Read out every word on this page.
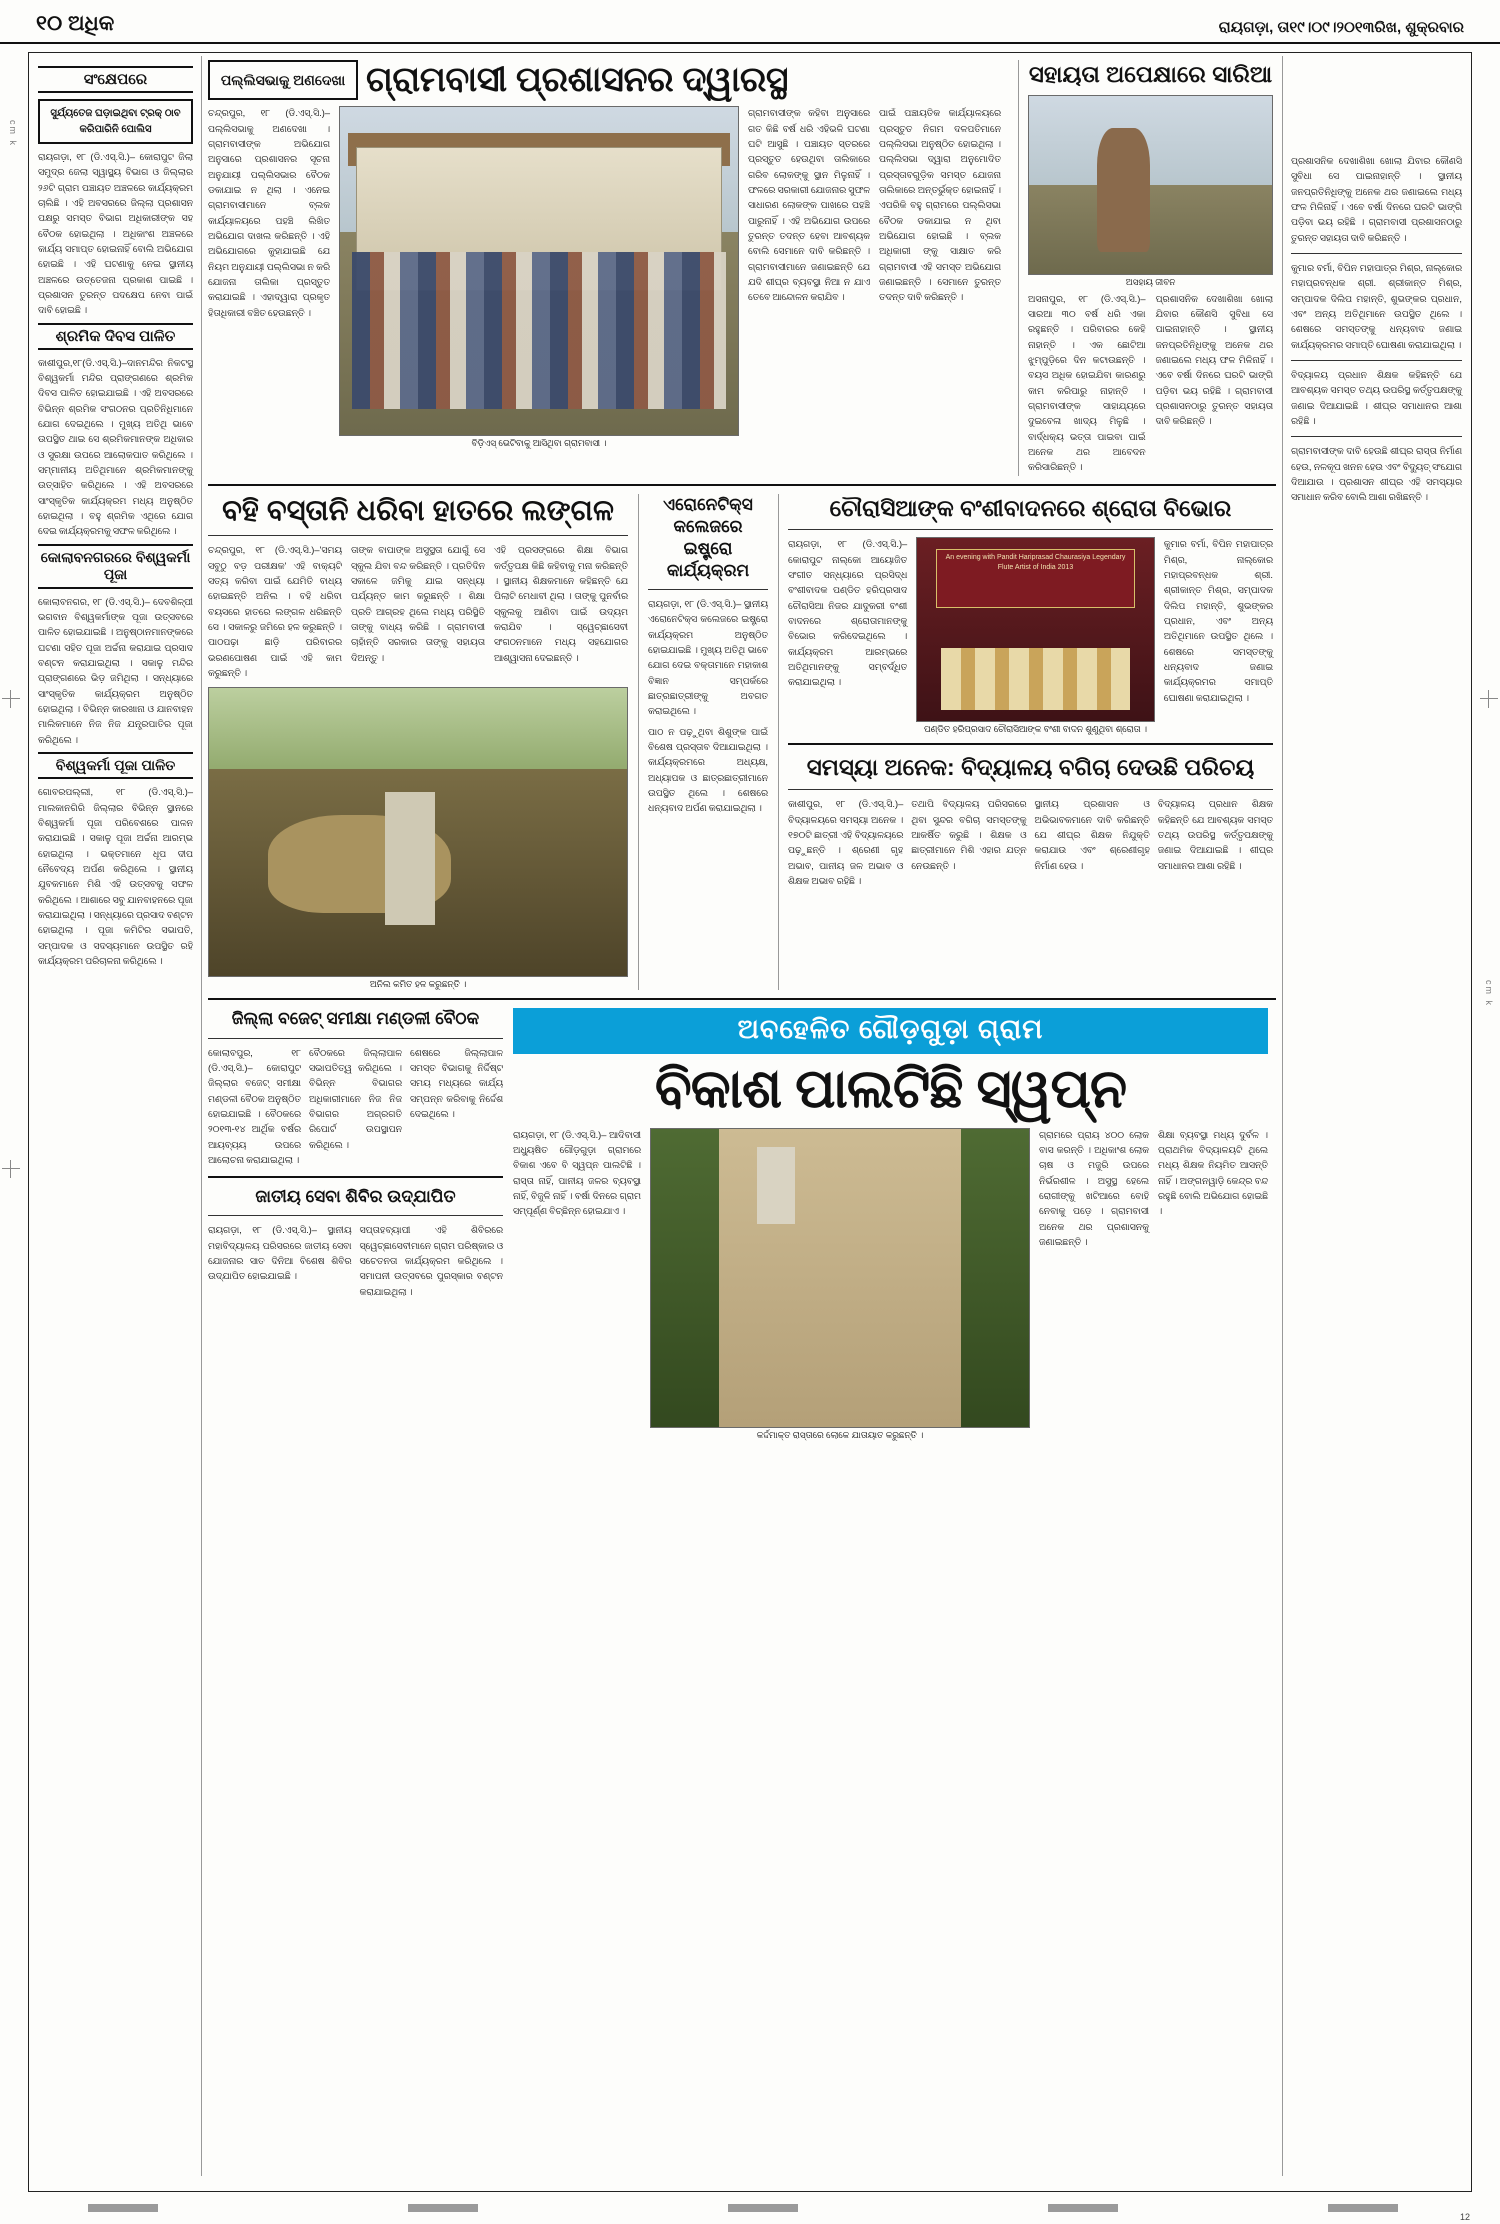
୧୦ ଅଧିକ	ରାୟଗଡ଼ା, ତା୧୯।୦୯।୨୦୧୩ରିଖ, ଶୁକ୍ରବାର
cm k
cm k
ସଂକ୍ଷେପରେ
ସୁର୍ଯ୍ୟତେଜ ଘଡ଼ାଇଥିବା ଟ୍ରକ୍ ଠାବ କରିପାରିନି ପୋଲିସ
ରାୟଗଡ଼ା, ୧୮ (ଡି.ଏସ୍.ସି.)– କୋରାପୁଟ ଜିଲା ସମୁଦ୍ର ଜେଲା ସ୍ୱାସ୍ଥ୍ୟ ବିଭାଗ ଓ ଜିଲ୍ଲାର ୨୬ଟି ଗ୍ରାମ ପଞ୍ଚାୟତ ଅଞ୍ଚଳରେ କାର୍ଯ୍ୟକ୍ରମ ଚାଲିଛି । ଏହି ଅବସରରେ ଜିଲ୍ଲା ପ୍ରଶାସନ ପକ୍ଷରୁ ସମସ୍ତ ବିଭାଗ ଅଧିକାରୀଙ୍କ ସହ ବୈଠକ ହୋଇଥିଲା । ଅଧିକାଂଶ ଅଞ୍ଚଳରେ କାର୍ଯ୍ୟ ସମାପ୍ତ ହୋଇନାହିଁ ବୋଲି ଅଭିଯୋଗ ହୋଇଛି । ଏହି ଘଟଣାକୁ ନେଇ ସ୍ଥାନୀୟ ଅଞ୍ଚଳରେ ଉତ୍ତେଜନା ପ୍ରକାଶ ପାଇଛି । ପ୍ରଶାସନ ତୁରନ୍ତ ପଦକ୍ଷେପ ନେବା ପାଇଁ ଦାବି ହୋଇଛି ।
ଶ୍ରମିକ ଦିବସ ପାଳିତ
କାଶୀପୁର,୧୮(ଡି.ଏସ୍.ସି.)–ଦାନମନ୍ଦିର ନିକଟସ୍ଥ ବିଶ୍ୱକର୍ମା ମନ୍ଦିର ପ୍ରାଙ୍ଗଣରେ ଶ୍ରମିକ ଦିବସ ପାଳିତ ହୋଇଯାଇଛି । ଏହି ଅବସରରେ ବିଭିନ୍ନ ଶ୍ରମିକ ସଂଗଠନର ପ୍ରତିନିଧିମାନେ ଯୋଗ ଦେଇଥିଲେ । ମୁଖ୍ୟ ଅତିଥି ଭାବେ ଉପସ୍ଥିତ ଥାଇ ସେ ଶ୍ରମିକମାନଙ୍କ ଅଧିକାର ଓ ସୁରକ୍ଷା ଉପରେ ଆଲୋକପାତ କରିଥିଲେ । ସମ୍ମାନୀୟ ଅତିଥିମାନେ ଶ୍ରମିକମାନଙ୍କୁ ଉତ୍ସାହିତ କରିଥିଲେ । ଏହି ଅବସରରେ ସାଂସ୍କୃତିକ କାର୍ଯ୍ୟକ୍ରମ ମଧ୍ୟ ଅନୁଷ୍ଠିତ ହୋଇଥିଲା । ବହୁ ଶ୍ରମିକ ଏଥିରେ ଯୋଗ ଦେଇ କାର୍ଯ୍ୟକ୍ରମକୁ ସଫଳ କରିଥିଲେ ।
କୋଲାବନଗରରେ ବିଶ୍ୱକର୍ମା ପୂଜା
କୋଲାବନଗର, ୧୮ (ଡି.ଏସ୍.ସି.)– ଦେବଶିଳ୍ପୀ ଭଗବାନ ବିଶ୍ୱକର୍ମାଙ୍କ ପୂଜା ଉତ୍ସବରେ ପାଳିତ ହୋଇଯାଇଛି । ଅନୁଷ୍ଠାନମାନଙ୍କରେ ଘଟଣା ସହିତ ପୂଜା ଅର୍ଚ୍ଚନା କରାଯାଇ ପ୍ରସାଦ ବଣ୍ଟନ କରାଯାଇଥିଲା । ସକାଳୁ ମନ୍ଦିର ପ୍ରାଙ୍ଗଣରେ ଭିଡ଼ ଜମିଥିଲା । ସନ୍ଧ୍ୟାରେ ସାଂସ୍କୃତିକ କାର୍ଯ୍ୟକ୍ରମ ଅନୁଷ୍ଠିତ ହୋଇଥିଲା । ବିଭିନ୍ନ କାରଖାନା ଓ ଯାନବାହନ ମାଲିକମାନେ ନିଜ ନିଜ ଯନ୍ତ୍ରପାତିର ପୂଜା କରିଥିଲେ ।
ବିଶ୍ୱକର୍ମା ପୂଜା ପାଳିତ
ଗୋବରପଲ୍ଲୀ, ୧୮ (ଡି.ଏସ୍.ସି.)– ମାଲକାନଗିରି ଜିଲ୍ଲାର ବିଭିନ୍ନ ସ୍ଥାନରେ ବିଶ୍ୱକର୍ମା ପୂଜା ପରିବେଶରେ ପାଳନ କରାଯାଇଛି । ସକାଳୁ ପୂଜା ଅର୍ଚ୍ଚନା ଆରମ୍ଭ ହୋଇଥିଲା । ଭକ୍ତମାନେ ଧୂପ ଦୀପ ନୈବେଦ୍ୟ ଅର୍ପଣ କରିଥିଲେ । ସ୍ଥାନୀୟ ଯୁବକମାନେ ମିଶି ଏହି ଉତ୍ସବକୁ ସଫଳ କରିଥିଲେ । ଆଶାରେ ସବୁ ଯାନବାହନରେ ପୂଜା କରାଯାଇଥିଲା । ସନ୍ଧ୍ୟାରେ ପ୍ରସାଦ ବଣ୍ଟନ ହୋଇଥିଲା । ପୂଜା କମିଟିର ସଭାପତି, ସମ୍ପାଦକ ଓ ସଦସ୍ୟମାନେ ଉପସ୍ଥିତ ରହି କାର୍ଯ୍ୟକ୍ରମ ପରିଚାଳନା କରିଥିଲେ ।
ପଲ୍ଲିସଭାକୁ ଅଣଦେଖା ଗ୍ରାମବାସୀ ପ୍ରଶାସନର ଦ୍ୱାରସ୍ଥ
ଚନ୍ଦ୍ରପୁର, ୧୮ (ଡି.ଏସ୍.ସି.)–ପଲ୍ଲିସଭାକୁ ଅଣଦେଖା । ଗ୍ରାମବାସୀଙ୍କ ଅଭିଯୋଗ ଅନୁସାରେ ପ୍ରଶାସନର ସୂଚନା ଅନୁଯାୟୀ ପଲ୍ଲିସଭାର ବୈଠକ ଡକାଯାଇ ନ ଥିଲା । ଏନେଇ ଗ୍ରାମବାସୀମାନେ ବ୍ଲକ କାର୍ଯ୍ୟାଳୟରେ ପହଞ୍ଚି ଲିଖିତ ଅଭିଯୋଗ ଦାଖଲ କରିଛନ୍ତି । ଏହି ଅଭିଯୋଗରେ କୁହାଯାଇଛି ଯେ ନିୟମ ଅନୁଯାୟୀ ପଲ୍ଲିସଭା ନ କରି ଯୋଜନା ତାଲିକା ପ୍ରସ୍ତୁତ କରାଯାଇଛି । ଏହାଦ୍ୱାରା ପ୍ରକୃତ ହିତାଧିକାରୀ ବଞ୍ଚିତ ହେଉଛନ୍ତି ।
ବିଡ଼ିଏସ୍ ଭେଟିବାକୁ ଆସିଥିବା ଗ୍ରାମବାସୀ ।
ଗ୍ରାମବାସୀଙ୍କ କହିବା ଅନୁସାରେ ଗତ କିଛି ବର୍ଷ ଧରି ଏହିଭଳି ଘଟଣା ଘଟି ଆସୁଛି । ପଞ୍ଚାୟତ ସ୍ତରରେ ପ୍ରସ୍ତୁତ ହେଉଥିବା ତାଲିକାରେ ଗରିବ ଲୋକଙ୍କୁ ସ୍ଥାନ ମିଳୁନାହିଁ । ଫଳରେ ସରକାରୀ ଯୋଜନାର ସୁଫଳ ସାଧାରଣ ଲୋକଙ୍କ ପାଖରେ ପହଞ୍ଚି ପାରୁନାହିଁ । ଏହି ଅଭିଯୋଗ ଉପରେ ତୁରନ୍ତ ତଦନ୍ତ ହେବା ଆବଶ୍ୟକ ବୋଲି ସେମାନେ ଦାବି କରିଛନ୍ତି । ଗ୍ରାମବାସୀମାନେ ଜଣାଇଛନ୍ତି ଯେ ଯଦି ଶୀଘ୍ର ବ୍ୟବସ୍ଥା ନିଆ ନ ଯାଏ ତେବେ ଆନ୍ଦୋଳନ କରାଯିବ ।
ପାଇଁ ପଞ୍ଚାୟତିକ କାର୍ଯ୍ୟାଳୟରେ ପ୍ରସ୍ତୁତ ନିଗମ ଦଳପତିମାନେ ପଲ୍ଲିସଭା ଅନୁଷ୍ଠିତ ହୋଇଥିଲା । ପଲ୍ଲିସଭା ଦ୍ୱାରା ଅନୁମୋଦିତ ପ୍ରସ୍ତାବଗୁଡ଼ିକ ସମସ୍ତ ଯୋଜନା ତାଲିକାରେ ଅନ୍ତର୍ଭୁକ୍ତ ହୋଇନାହିଁ । ଏପରିକି ବହୁ ଗ୍ରାମରେ ପଲ୍ଲିସଭା ବୈଠକ ଡକାଯାଇ ନ ଥିବା ଅଭିଯୋଗ ହୋଇଛି । ବ୍ଲକ ଅଧିକାରୀ ଙ୍କୁ ସାକ୍ଷାତ କରି ଗ୍ରାମବାସୀ ଏହି ସମସ୍ତ ଅଭିଯୋଗ ଜଣାଇଛନ୍ତି । ସେମାନେ ତୁରନ୍ତ ତଦନ୍ତ ଦାବି କରିଛନ୍ତି ।
ସହାୟତା ଅପେକ୍ଷାରେ ସାରିଆ
ଅସହାୟ ଜୀବନ
ଅସନାପୁର, ୧୮ (ଡି.ଏସ୍.ସି.)–ସାରଆ ୩୦ ବର୍ଷ ଧରି ଏକା ରହୁଛନ୍ତି । ପରିବାରର କେହି ନାହାନ୍ତି । ଏକ ଛୋଟିଆ ଝୁମ୍ପୁଡ଼ିରେ ଦିନ କଟାଉଛନ୍ତି । ବୟସ ଅଧିକ ହୋଇଯିବା କାରଣରୁ କାମ କରିପାରୁ ନାହାନ୍ତି । ଗ୍ରାମବାସୀଙ୍କ ସାହାଯ୍ୟରେ ଦୁଇବେଳା ଖାଦ୍ୟ ମିଳୁଛି । ବାର୍ଦ୍ଧକ୍ୟ ଭତ୍ତା ପାଇବା ପାଇଁ ଅନେକ ଥର ଆବେଦନ କରିସାରିଛନ୍ତି ।
ପ୍ରଶାସନିକ ଦେଖାଶିଖା ଖୋଲା ଯିବାର କୌଣସି ସୁବିଧା ସେ ପାଇନାହାନ୍ତି । ସ୍ଥାନୀୟ ଜନପ୍ରତିନିଧିଙ୍କୁ ଅନେକ ଥର ଜଣାଇଲେ ମଧ୍ୟ ଫଳ ମିଳିନାହିଁ । ଏବେ ବର୍ଷା ଦିନରେ ଘରଟି ଭାଙ୍ଗି ପଡ଼ିବା ଭୟ ରହିଛି । ଗ୍ରାମବାସୀ ପ୍ରଶାସନଠାରୁ ତୁରନ୍ତ ସହାୟତା ଦାବି କରିଛନ୍ତି ।
ବହି ବସ୍ତାନି ଧରିବା ହାତରେ ଲଙ୍ଗଳ
ଚନ୍ଦ୍ରପୁର, ୧୮ (ଡି.ଏସ୍.ସି.)–'ସମୟ ସବୁଠୁ ବଡ଼ ପରୀକ୍ଷକ' ଏହି ବାକ୍ୟଟି ସତ୍ୟ କରିବା ପାଇଁ ଯେମିତି ବାଧ୍ୟ ହୋଇଛନ୍ତି ଅନିଲ । ବହି ଧରିବା ବୟସରେ ହାତରେ ଲଙ୍ଗଳ ଧରିଛନ୍ତି ସେ । ସକାଳରୁ ଜମିରେ ହଳ କରୁଛନ୍ତି । ପାଠପଢ଼ା ଛାଡ଼ି ପରିବାରର ଭରଣପୋଷଣ ପାଇଁ ଏହି କାମ କରୁଛନ୍ତି ।
ତାଙ୍କ ବାପାଙ୍କ ଅସୁସ୍ଥତା ଯୋଗୁଁ ସେ ସ୍କୁଲ ଯିବା ବନ୍ଦ କରିଛନ୍ତି । ପ୍ରତିଦିନ ସକାଳେ ଜମିକୁ ଯାଇ ସନ୍ଧ୍ୟା ପର୍ଯ୍ୟନ୍ତ କାମ କରୁଛନ୍ତି । ଶିକ୍ଷା ପ୍ରତି ଆଗ୍ରହ ଥିଲେ ମଧ୍ୟ ପରିସ୍ଥିତି ତାଙ୍କୁ ବାଧ୍ୟ କରିଛି । ଗ୍ରାମବାସୀ ଚାହାଁନ୍ତି ସରକାର ତାଙ୍କୁ ସହାୟତା ଦିଅନ୍ତୁ ।
ଏହି ପ୍ରସଙ୍ଗରେ ଶିକ୍ଷା ବିଭାଗ କର୍ତ୍ତୃପକ୍ଷ କିଛି କହିବାକୁ ମନା କରିଛନ୍ତି । ସ୍ଥାନୀୟ ଶିକ୍ଷକମାନେ କହିଛନ୍ତି ଯେ ପିଲାଟି ମେଧାବୀ ଥିଲା । ତାଙ୍କୁ ପୁନର୍ବାର ସ୍କୁଲକୁ ଆଣିବା ପାଇଁ ଉଦ୍ୟମ କରାଯିବ । ସ୍ୱେଚ୍ଛାସେବୀ ସଂଗଠନମାନେ ମଧ୍ୟ ସହଯୋଗର ଆଶ୍ୱାସନା ଦେଇଛନ୍ତି ।
ଅନିଲ କମିତ ହଳ କରୁଛନ୍ତି ।
ଏରୋନେଟିକ୍ସ କଲେଜରେ ଇଷ୍ଟ୍ରୋ କାର୍ଯ୍ୟକ୍ରମ
ରାୟଗଡ଼ା, ୧୮ (ଡି.ଏସ୍.ସି.)– ସ୍ଥାନୀୟ ଏରୋନେଟିକ୍ସ କଲେଜରେ ଇଷ୍ଟ୍ରୋ କାର୍ଯ୍ୟକ୍ରମ ଅନୁଷ୍ଠିତ ହୋଇଯାଇଛି । ମୁଖ୍ୟ ଅତିଥି ଭାବେ ଯୋଗ ଦେଇ ବକ୍ତାମାନେ ମହାକାଶ ବିଜ୍ଞାନ ସମ୍ପର୍କରେ ଛାତ୍ରଛାତ୍ରୀଙ୍କୁ ଅବଗତ କରାଇଥିଲେ ।
ପାଠ ନ ପଢ଼ୁଥିବା ଶିଶୁଙ୍କ ପାଇଁ ବିଶେଷ ପ୍ରସ୍ତାବ ଦିଆଯାଇଥିଲା । କାର୍ଯ୍ୟକ୍ରମରେ ଅଧ୍ୟକ୍ଷ, ଅଧ୍ୟାପକ ଓ ଛାତ୍ରଛାତ୍ରୀମାନେ ଉପସ୍ଥିତ ଥିଲେ । ଶେଷରେ ଧନ୍ୟବାଦ ଅର୍ପଣ କରାଯାଇଥିଲା ।
ଚୌରାସିଆଙ୍କ ବଂଶୀବାଦନରେ ଶ୍ରୋତା ବିଭୋର
ରାୟଗଡ଼ା, ୧୮ (ଡି.ଏସ୍.ସି.)– କୋରାପୁଟ ନାଲ୍‌କୋ ଆୟୋଜିତ ସଂଗୀତ ସନ୍ଧ୍ୟାରେ ପ୍ରସିଦ୍ଧ ବଂଶୀବାଦକ ପଣ୍ଡିତ ହରିପ୍ରସାଦ ଚୌରାସିଆ ନିଜର ଯାଦୁକରୀ ବଂଶୀ ବାଦନରେ ଶ୍ରୋତାମାନଙ୍କୁ ବିଭୋର କରିଦେଇଥିଲେ । କାର୍ଯ୍ୟକ୍ରମ ଆରମ୍ଭରେ ଅତିଥିମାନଙ୍କୁ ସମ୍ବର୍ଦ୍ଧିତ କରାଯାଇଥିଲା ।
An evening with Pandit Hariprasad Chaurasiya Legendary Flute Artist of India 2013
ପଣ୍ଡିତ ହରିପ୍ରସାଦ ଚୌରାସିଆଙ୍କ ବଂଶୀ ବାଦନ ଶୁଣୁଥିବା ଶ୍ରୋତା ।
କୁମାର ବର୍ମା, ବିପିନ ମହାପାତ୍ର ମିଶ୍ର, ନାଲ୍‌କୋର ମହାପ୍ରବନ୍ଧକ ଶ୍ରୀ. ଶ୍ରୀକାନ୍ତ ମିଶ୍ର, ସମ୍ପାଦକ ଦିଲିପ ମହାନ୍ତି, ଶୁଭଙ୍କର ପ୍ରଧାନ, ଏବଂ ଅନ୍ୟ ଅତିଥିମାନେ ଉପସ୍ଥିତ ଥିଲେ । ଶେଷରେ ସମସ୍ତଙ୍କୁ ଧନ୍ୟବାଦ ଜଣାଇ କାର୍ଯ୍ୟକ୍ରମର ସମାପ୍ତି ଘୋଷଣା କରାଯାଇଥିଲା ।
ସମସ୍ୟା ଅନେକ: ବିଦ୍ୟାଳୟ ବଗିଚା ଦେଉଛି ପରିଚୟ
କାଶୀପୁର, ୧୮ (ଡି.ଏସ୍.ସି.)–ବିଦ୍ୟାଳୟରେ ସମସ୍ୟା ଅନେକ । ୧୭୦ଟି ଛାତ୍ରୀ ଏହି ବିଦ୍ୟାଳୟରେ ପଢ଼ୁଛନ୍ତି । ଶ୍ରେଣୀ ଗୃହ ଅଭାବ, ପାନୀୟ ଜଳ ଅଭାବ ଓ ଶିକ୍ଷକ ଅଭାବ ରହିଛି ।
ତଥାପି ବିଦ୍ୟାଳୟ ପରିସରରେ ଥିବା ସୁନ୍ଦର ବଗିଚା ସମସ୍ତଙ୍କୁ ଆକର୍ଷିତ କରୁଛି । ଶିକ୍ଷକ ଓ ଛାତ୍ରୀମାନେ ମିଶି ଏହାର ଯତ୍ନ ନେଉଛନ୍ତି ।
ସ୍ଥାନୀୟ ପ୍ରଶାସନ ଓ ଅଭିଭାବକମାନେ ଦାବି କରିଛନ୍ତି ଯେ ଶୀଘ୍ର ଶିକ୍ଷକ ନିଯୁକ୍ତି କରାଯାଉ ଏବଂ ଶ୍ରେଣୀଗୃହ ନିର୍ମାଣ ହେଉ ।
ବିଦ୍ୟାଳୟ ପ୍ରଧାନ ଶିକ୍ଷକ କହିଛନ୍ତି ଯେ ଆବଶ୍ୟକ ସମସ୍ତ ତଥ୍ୟ ଉପରିସ୍ଥ କର୍ତ୍ତୃପକ୍ଷଙ୍କୁ ଜଣାଇ ଦିଆଯାଇଛି । ଶୀଘ୍ର ସମାଧାନର ଆଶା ରହିଛି ।
ଜିଲ୍ଲା ବଜେଟ୍ ସମୀକ୍ଷା ମଣ୍ଡଳୀ ବୈଠକ
କୋଲାବପୁର, ୧୮ (ଡି.ଏସ୍.ସି.)– କୋରାପୁଟ ଜିଲ୍ଲାର ବଜେଟ୍ ସମୀକ୍ଷା ମଣ୍ଡଳୀ ବୈଠକ ଅନୁଷ୍ଠିତ ହୋଇଯାଇଛି । ବୈଠକରେ ୨୦୧୩-୧୪ ଆର୍ଥିକ ବର୍ଷର ଆୟବ୍ୟୟ ଉପରେ ଆଲୋଚନା କରାଯାଇଥିଲା ।
ବୈଠକରେ ଜିଲ୍ଲାପାଳ ସଭାପତିତ୍ୱ କରିଥିଲେ । ବିଭିନ୍ନ ବିଭାଗର ଅଧିକାରୀମାନେ ନିଜ ନିଜ ବିଭାଗର ଅଗ୍ରଗତି ରିପୋର୍ଟ ଉପସ୍ଥାପନ କରିଥିଲେ ।
ଶେଷରେ ଜିଲ୍ଲାପାଳ ସମସ୍ତ ବିଭାଗକୁ ନିର୍ଦ୍ଦିଷ୍ଟ ସମୟ ମଧ୍ୟରେ କାର୍ଯ୍ୟ ସମ୍ପନ୍ନ କରିବାକୁ ନିର୍ଦ୍ଦେଶ ଦେଇଥିଲେ ।
ଜାତୀୟ ସେବା ଶିବିର ଉଦ୍‌ଯାପିତ
ରାୟଗଡ଼ା, ୧୮ (ଡି.ଏସ୍.ସି.)– ସ୍ଥାନୀୟ ମହାବିଦ୍ୟାଳୟ ପରିସରରେ ଜାତୀୟ ସେବା ଯୋଜନାର ସାତ ଦିନିଆ ବିଶେଷ ଶିବିର ଉଦ୍‌ଯାପିତ ହୋଇଯାଇଛି ।
ସପ୍ତାହବ୍ୟାପୀ ଏହି ଶିବିରରେ ସ୍ୱେଚ୍ଛାସେବୀମାନେ ଗ୍ରାମ ପରିଷ୍କାର ଓ ସଚେତନତା କାର୍ଯ୍ୟକ୍ରମ କରିଥିଲେ । ସମାପନୀ ଉତ୍ସବରେ ପୁରସ୍କାର ବଣ୍ଟନ କରାଯାଇଥିଲା ।
ଅବହେଳିତ ଗୌଡ଼ଗୁଡ଼ା ଗ୍ରାମ
ବିକାଶ ପାଲଟିଛି ସ୍ୱପ୍ନ
ରାୟଗଡ଼ା, ୧୮ (ଡି.ଏସ୍.ସି.)– ଆଦିବାସୀ ଅଧ୍ୟୁଷିତ ଗୌଡ଼ଗୁଡ଼ା ଗ୍ରାମରେ ବିକାଶ ଏବେ ବି ସ୍ୱପ୍ନ ପାଲଟିଛି । ରାସ୍ତା ନାହିଁ, ପାନୀୟ ଜଳର ବ୍ୟବସ୍ଥା ନାହିଁ, ବିଜୁଳି ନାହିଁ । ବର୍ଷା ଦିନରେ ଗ୍ରାମ ସମ୍ପୂର୍ଣ୍ଣ ବିଚ୍ଛିନ୍ନ ହୋଇଯାଏ ।
କର୍ଦ୍ଦମାକ୍ତ ରାସ୍ତାରେ ଲୋକେ ଯାତାୟାତ କରୁଛନ୍ତି ।
ଗ୍ରାମରେ ପ୍ରାୟ ୪୦୦ ଲୋକ ବାସ କରନ୍ତି । ଅଧିକାଂଶ ଲୋକ ଚାଷ ଓ ମଜୁରି ଉପରେ ନିର୍ଭରଶୀଳ । ଅସୁସ୍ଥ ହେଲେ ରୋଗୀଙ୍କୁ ଖଟିଆରେ ବୋହି ନେବାକୁ ପଡ଼େ । ଗ୍ରାମବାସୀ ଅନେକ ଥର ପ୍ରଶାସନକୁ ଜଣାଇଛନ୍ତି ।
ଶିକ୍ଷା ବ୍ୟବସ୍ଥା ମଧ୍ୟ ଦୁର୍ବଳ । ପ୍ରାଥମିକ ବିଦ୍ୟାଳୟଟି ଥିଲେ ମଧ୍ୟ ଶିକ୍ଷକ ନିୟମିତ ଆସନ୍ତି ନାହିଁ । ଅଙ୍ଗନୱାଡ଼ି କେନ୍ଦ୍ର ବନ୍ଦ ରହୁଛି ବୋଲି ଅଭିଯୋଗ ହୋଇଛି ।
ପ୍ରଶାସନିକ ଦେଖାଶିଖା ଖୋଲା ଯିବାର କୌଣସି ସୁବିଧା ସେ ପାଇନାହାନ୍ତି । ସ୍ଥାନୀୟ ଜନପ୍ରତିନିଧିଙ୍କୁ ଅନେକ ଥର ଜଣାଇଲେ ମଧ୍ୟ ଫଳ ମିଳିନାହିଁ । ଏବେ ବର୍ଷା ଦିନରେ ଘରଟି ଭାଙ୍ଗି ପଡ଼ିବା ଭୟ ରହିଛି । ଗ୍ରାମବାସୀ ପ୍ରଶାସନଠାରୁ ତୁରନ୍ତ ସହାୟତା ଦାବି କରିଛନ୍ତି ।
କୁମାର ବର୍ମା, ବିପିନ ମହାପାତ୍ର ମିଶ୍ର, ନାଲ୍‌କୋର ମହାପ୍ରବନ୍ଧକ ଶ୍ରୀ. ଶ୍ରୀକାନ୍ତ ମିଶ୍ର, ସମ୍ପାଦକ ଦିଲିପ ମହାନ୍ତି, ଶୁଭଙ୍କର ପ୍ରଧାନ, ଏବଂ ଅନ୍ୟ ଅତିଥିମାନେ ଉପସ୍ଥିତ ଥିଲେ । ଶେଷରେ ସମସ୍ତଙ୍କୁ ଧନ୍ୟବାଦ ଜଣାଇ କାର୍ଯ୍ୟକ୍ରମର ସମାପ୍ତି ଘୋଷଣା କରାଯାଇଥିଲା ।
ବିଦ୍ୟାଳୟ ପ୍ରଧାନ ଶିକ୍ଷକ କହିଛନ୍ତି ଯେ ଆବଶ୍ୟକ ସମସ୍ତ ତଥ୍ୟ ଉପରିସ୍ଥ କର୍ତ୍ତୃପକ୍ଷଙ୍କୁ ଜଣାଇ ଦିଆଯାଇଛି । ଶୀଘ୍ର ସମାଧାନର ଆଶା ରହିଛି ।
ଗ୍ରାମବାସୀଙ୍କ ଦାବି ହେଉଛି ଶୀଘ୍ର ରାସ୍ତା ନିର୍ମାଣ ହେଉ, ନଳକୂପ ଖନନ ହେଉ ଏବଂ ବିଦ୍ୟୁତ୍ ସଂଯୋଗ ଦିଆଯାଉ । ପ୍ରଶାସନ ଶୀଘ୍ର ଏହି ସମସ୍ୟାର ସମାଧାନ କରିବ ବୋଲି ଆଶା ରଖିଛନ୍ତି ।
12
